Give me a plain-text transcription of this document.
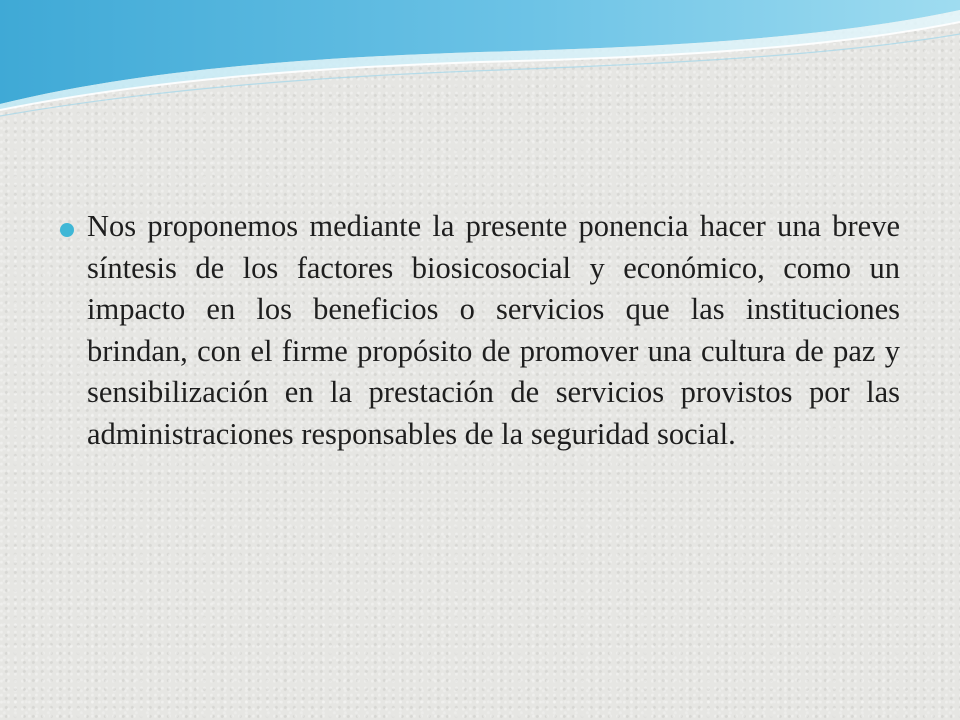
Nos proponemos mediante la presente ponencia hacer una breve síntesis de los factores biosicosocial y económico, como un impacto en los beneficios o servicios que las instituciones brindan, con el firme propósito de promover una cultura de paz y sensibilización en la prestación de servicios provistos por las administraciones responsables de la seguridad social.
